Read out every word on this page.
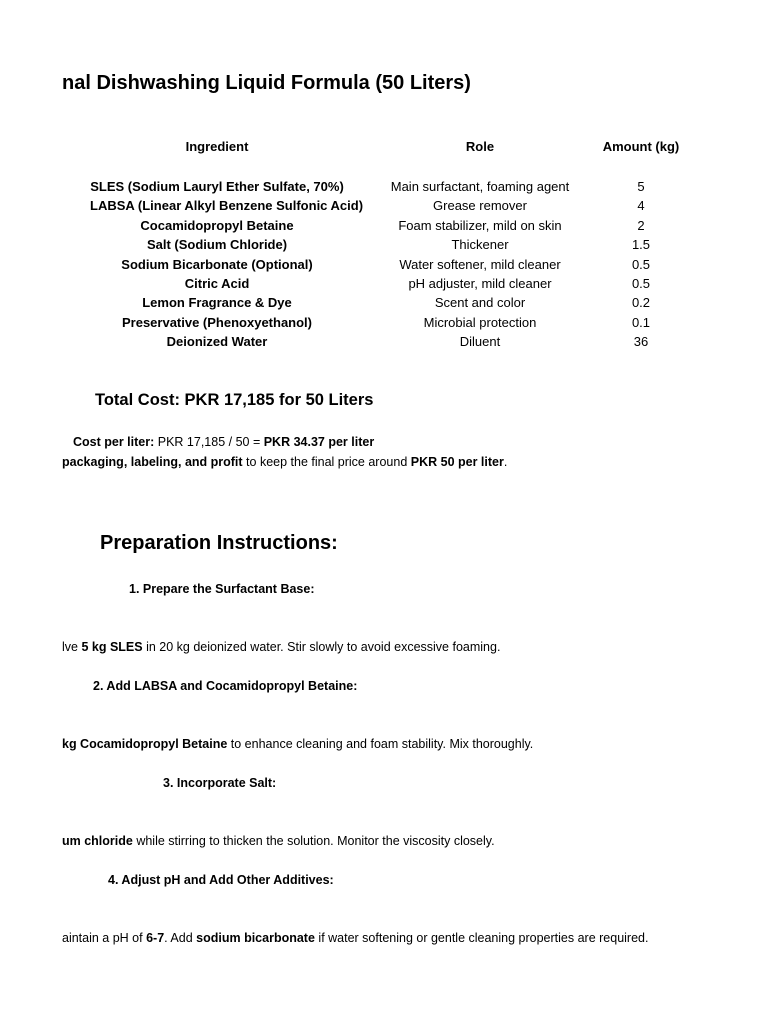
nal Dishwashing Liquid Formula (50 Liters)
Ingredient	Role	Amount (kg)
SLES (Sodium Lauryl Ether Sulfate, 70%)	Main surfactant, foaming agent	5
LABSA (Linear Alkyl Benzene Sulfonic Acid)	Grease remover	4
Cocamidopropyl Betaine	Foam stabilizer, mild on skin	2
Salt (Sodium Chloride)	Thickener	1.5
Sodium Bicarbonate (Optional)	Water softener, mild cleaner	0.5
Citric Acid	pH adjuster, mild cleaner	0.5
Lemon Fragrance & Dye	Scent and color	0.2
Preservative (Phenoxyethanol)	Microbial protection	0.1
Deionized Water	Diluent	36
Total Cost: PKR 17,185 for 50 Liters
Cost per liter: PKR 17,185 / 50 = PKR 34.37 per liter
packaging, labeling, and profit to keep the final price around PKR 50 per liter.
Preparation Instructions:
1. Prepare the Surfactant Base:
lve 5 kg SLES in 20 kg deionized water. Stir slowly to avoid excessive foaming.
2. Add LABSA and Cocamidopropyl Betaine:
kg Cocamidopropyl Betaine to enhance cleaning and foam stability. Mix thoroughly.
3. Incorporate Salt:
um chloride while stirring to thicken the solution. Monitor the viscosity closely.
4. Adjust pH and Add Other Additives:
aintain a pH of 6-7. Add sodium bicarbonate if water softening or gentle cleaning properties are required.
